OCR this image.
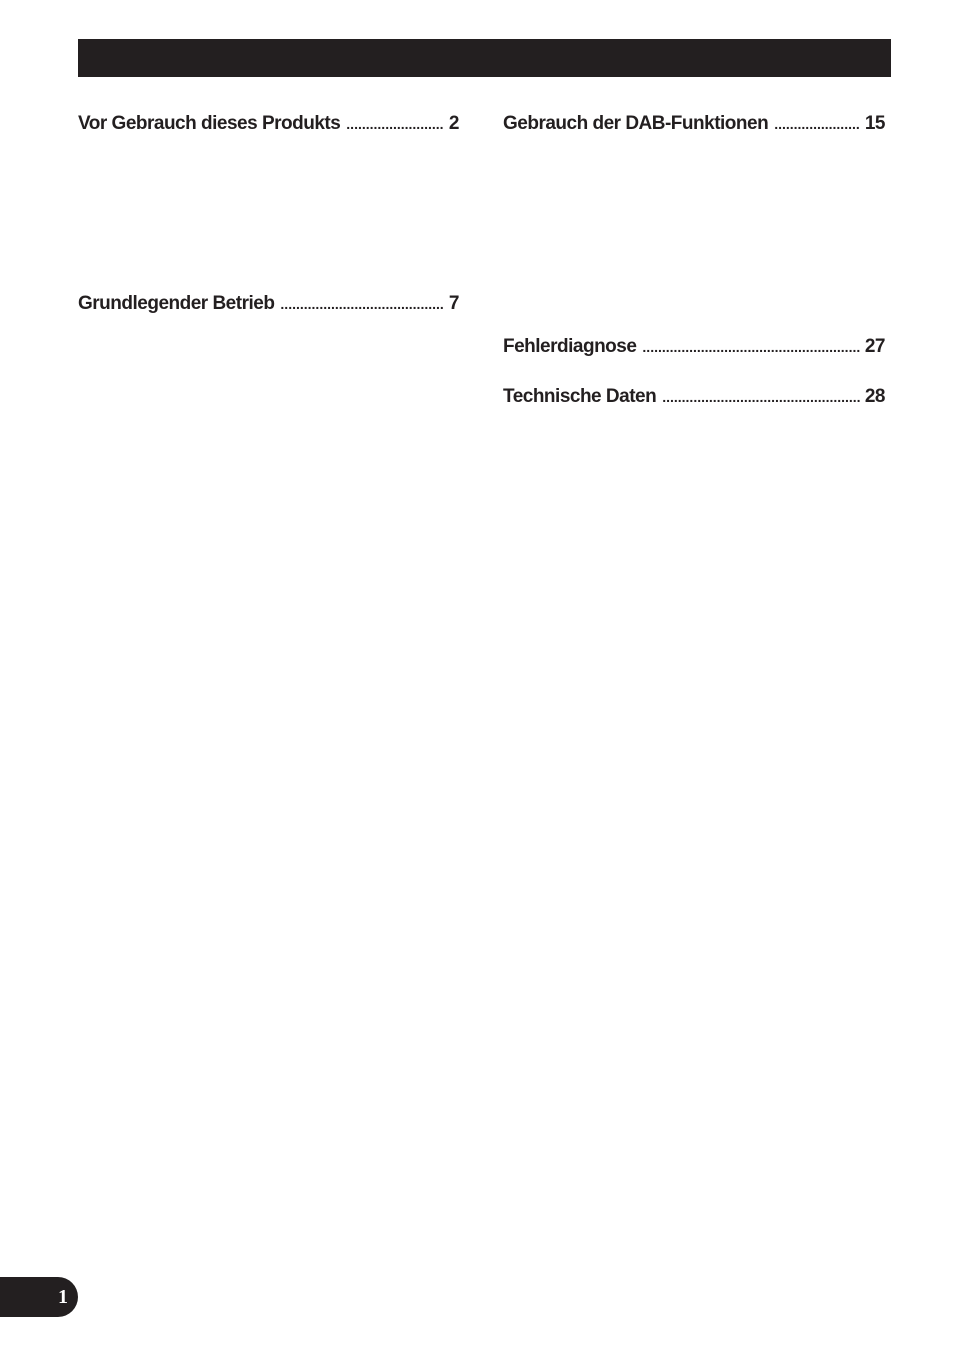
Vor Gebrauch dieses Produkts .....	2
Grundlegender Betrieb .....	7
Gebrauch der DAB-Funktionen .....	15
Fehlerdiagnose .....	27
Technische Daten .....	28
1
